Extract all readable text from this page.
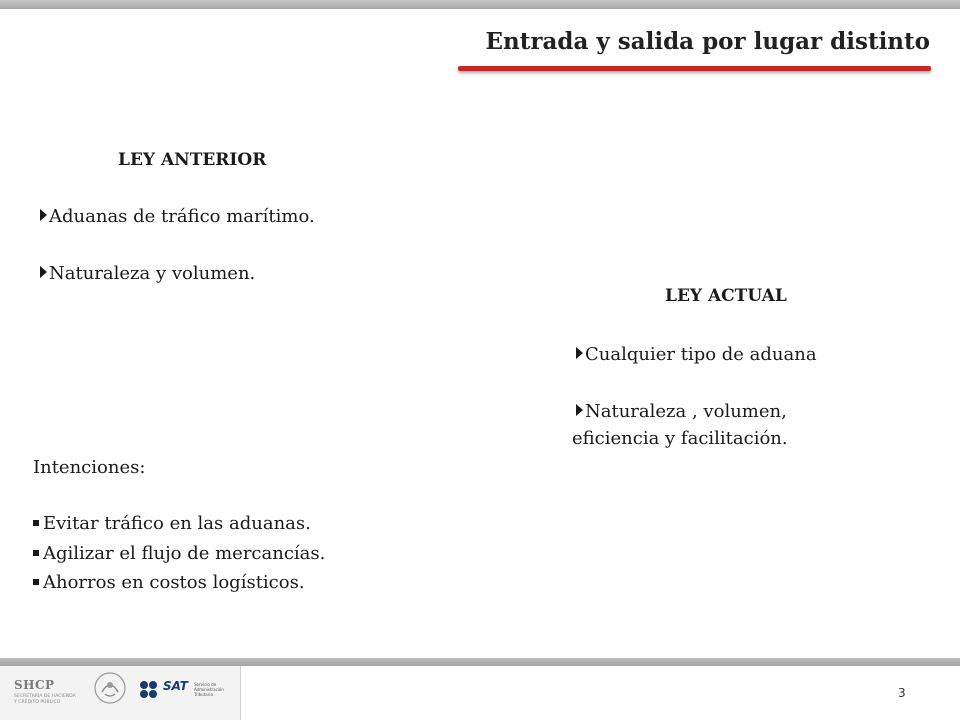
Entrada y salida por lugar distinto
LEY ANTERIOR
Aduanas de tráfico marítimo.
Naturaleza y volumen.
LEY ACTUAL
Cualquier tipo de aduana
Naturaleza , volumen,
eficiencia y facilitación.
Intenciones:
Evitar tráfico en las aduanas.
Agilizar el flujo de mercancías.
Ahorros en costos logísticos.
SHCP
SECRETARÍA DE HACIENDA Y CRÉDITO PÚBLICO
SAT Servicio de Administración Tributaria	3
